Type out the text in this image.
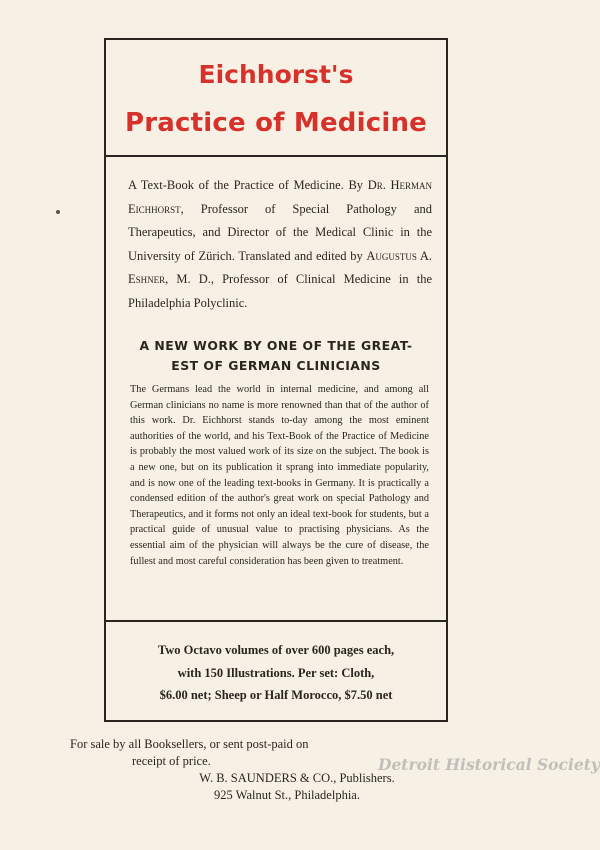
Eichhorst's
Practice of Medicine
A Text-Book of the Practice of Medicine. By Dr. Herman Eichhorst, Professor of Special Pathology and Therapeutics, and Director of the Medical Clinic in the University of Zürich. Translated and edited by Augustus A. Eshner, M. D., Professor of Clinical Medicine in the Philadelphia Polyclinic.
A NEW WORK BY ONE OF THE GREAT-
EST OF GERMAN CLINICIANS
The Germans lead the world in internal medicine, and among all German clinicians no name is more renowned than that of the author of this work. Dr. Eichhorst stands to-day among the most eminent authorities of the world, and his Text-Book of the Practice of Medicine is probably the most valued work of its size on the subject. The book is a new one, but on its publication it sprang into immediate popularity, and is now one of the leading text-books in Germany. It is practically a condensed edition of the author's great work on special Pathology and Therapeutics, and it forms not only an ideal text-book for students, but a practical guide of unusual value to practising physicians. As the essential aim of the physician will always be the cure of disease, the fullest and most careful consideration has been given to treatment.
Two Octavo volumes of over 600 pages each,
with 150 Illustrations. Per set: Cloth,
$6.00 net; Sheep or Half Morocco, $7.50 net
For sale by all Booksellers, or sent post-paid on
receipt of price.
W. B. SAUNDERS & CO., Publishers.
925 Walnut St., Philadelphia.
Detroit Historical Society
